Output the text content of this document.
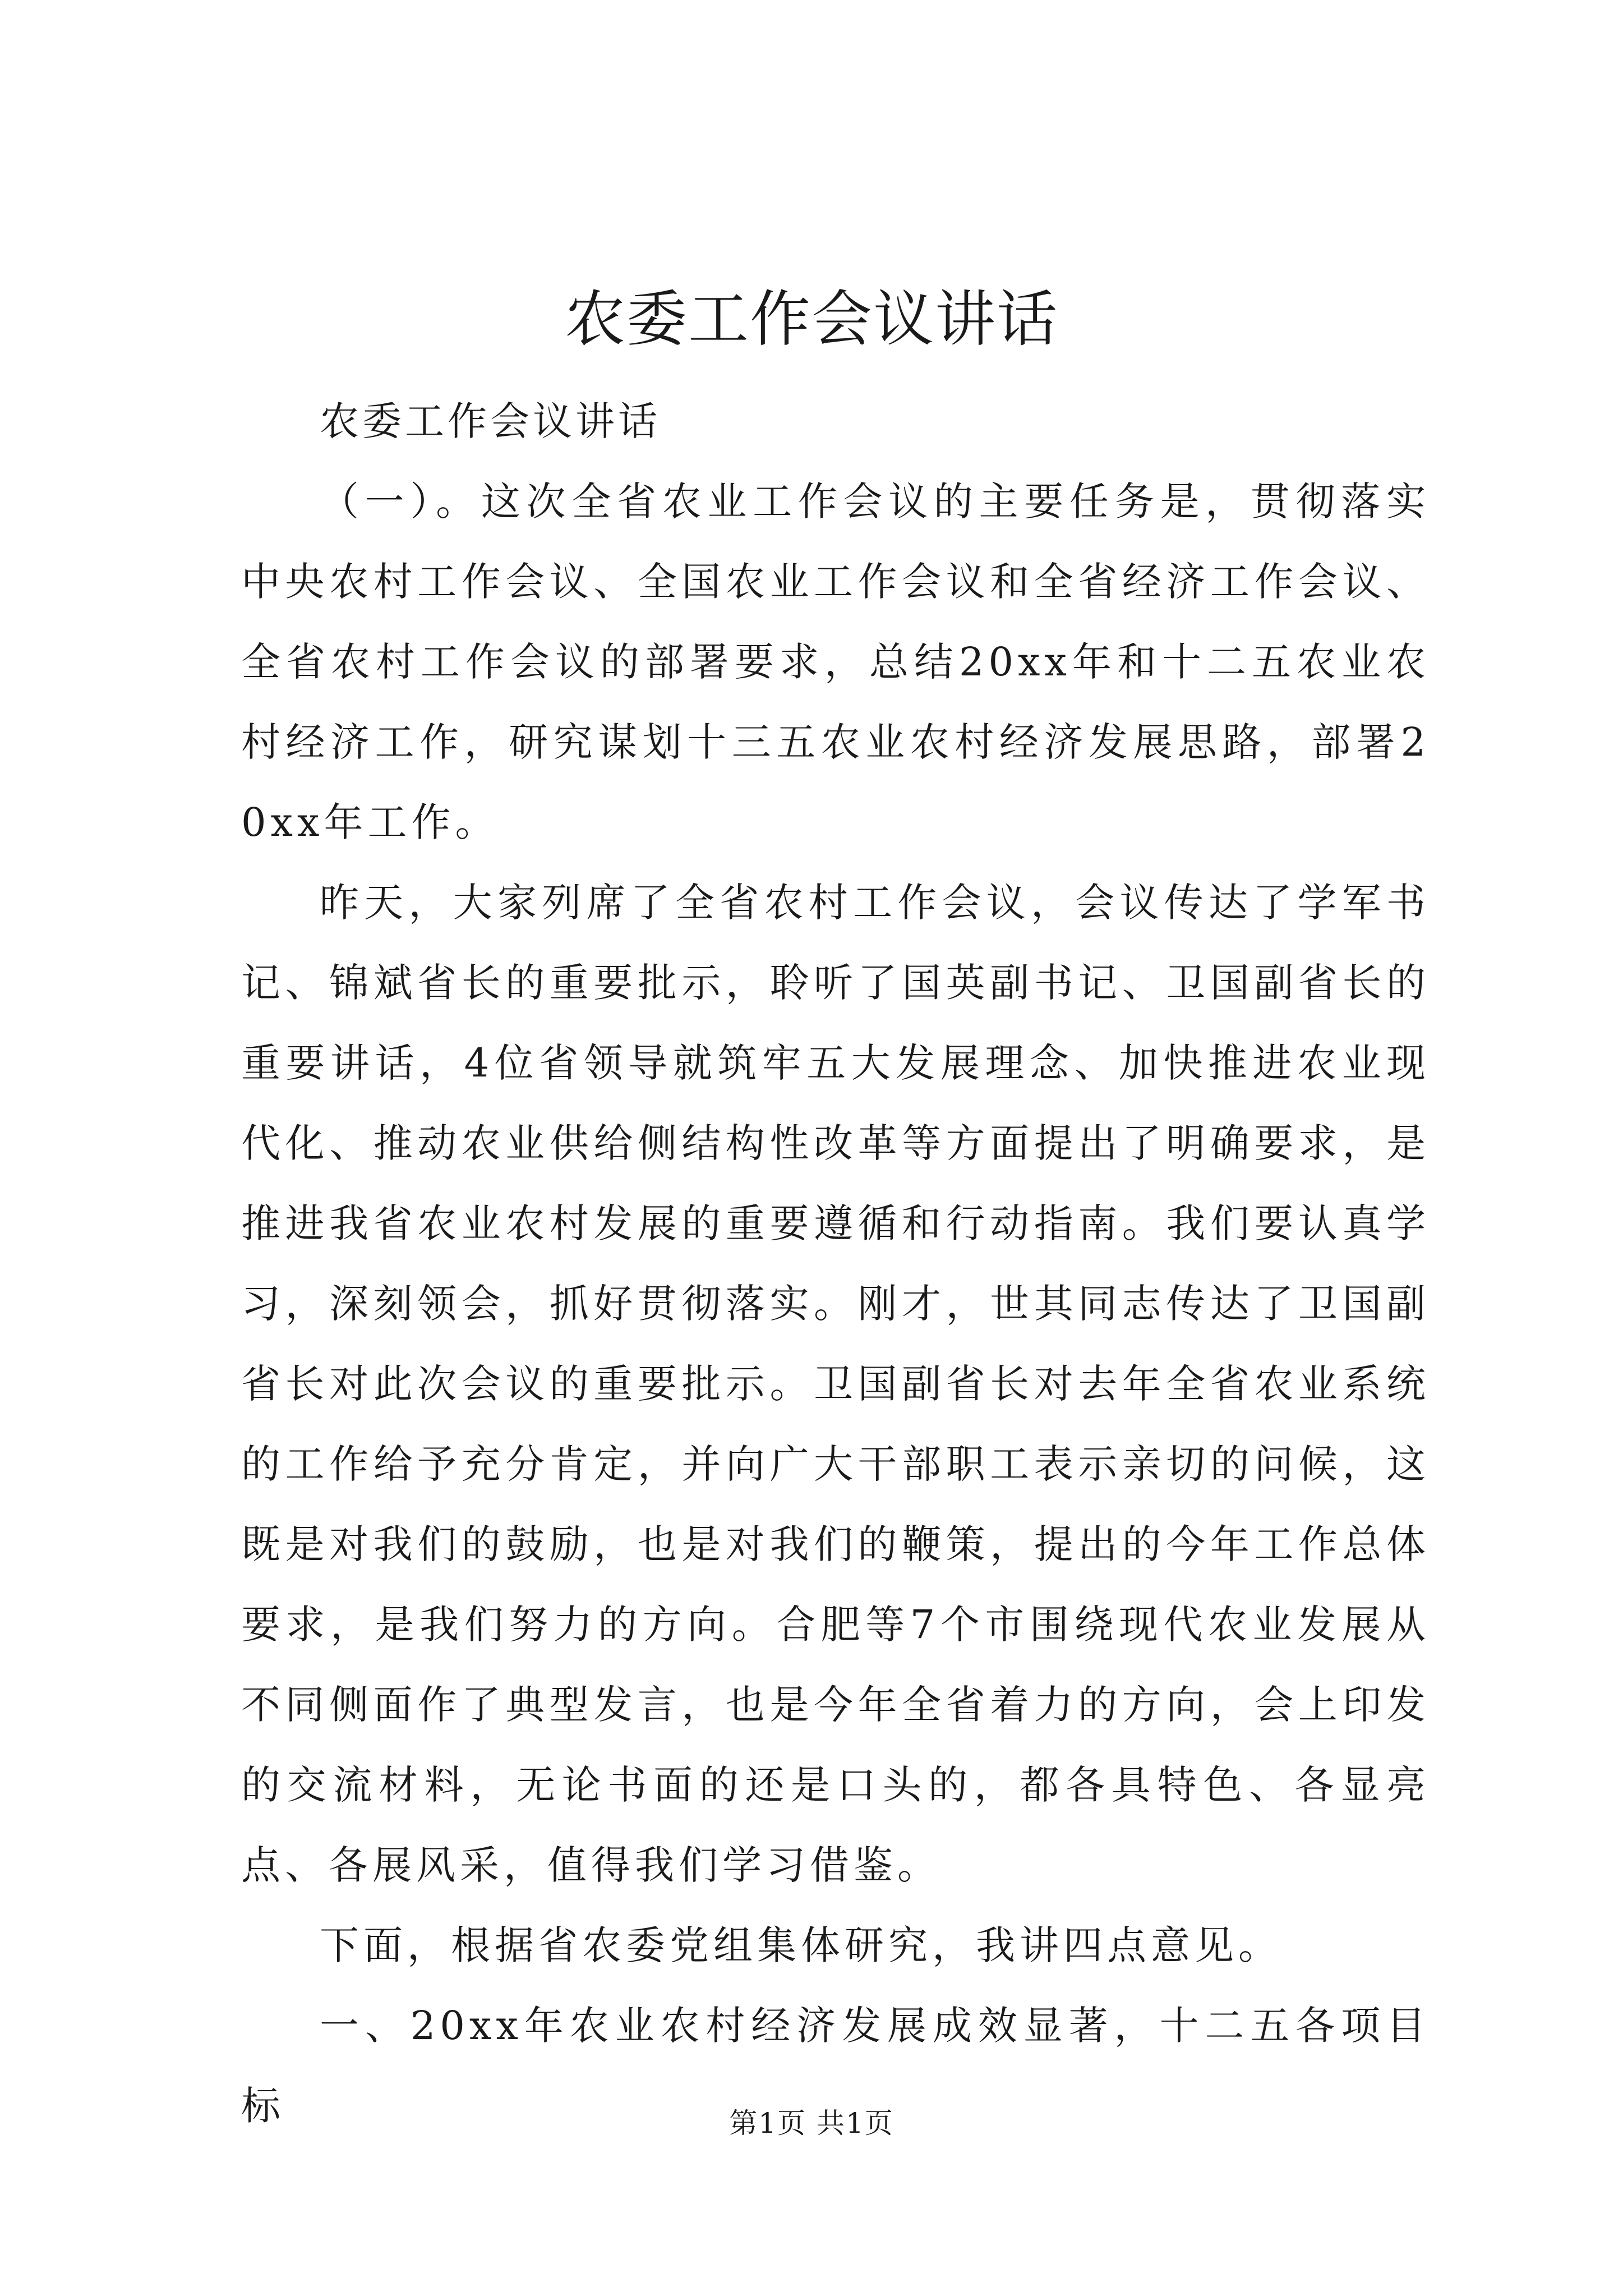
农委工作会议讲话

农委工作会议讲话

（一）。这次全省农业工作会议的主要任务是，贯彻落实中央农村工作会议、全国农业工作会议和全省经济工作会议、全省农村工作会议的部署要求，总结20xx年和十二五农业农村经济工作，研究谋划十三五农业农村经济发展思路，部署20xx年工作。

昨天，大家列席了全省农村工作会议，会议传达了学军书记、锦斌省长的重要批示，聆听了国英副书记、卫国副省长的重要讲话，4位省领导就筑牢五大发展理念、加快推进农业现代化、推动农业供给侧结构性改革等方面提出了明确要求，是推进我省农业农村发展的重要遵循和行动指南。我们要认真学习，深刻领会，抓好贯彻落实。刚才，世其同志传达了卫国副省长对此次会议的重要批示。卫国副省长对去年全省农业系统的工作给予充分肯定，并向广大干部职工表示亲切的问候，这既是对我们的鼓励，也是对我们的鞭策，提出的今年工作总体要求，是我们努力的方向。合肥等7个市围绕现代农业发展从不同侧面作了典型发言，也是今年全省着力的方向，会上印发的交流材料，无论书面的还是口头的，都各具特色、各显亮点、各展风采，值得我们学习借鉴。

下面，根据省农委党组集体研究，我讲四点意见。

一、20xx年农业农村经济发展成效显著，十二五各项目标	第1页 共1页
